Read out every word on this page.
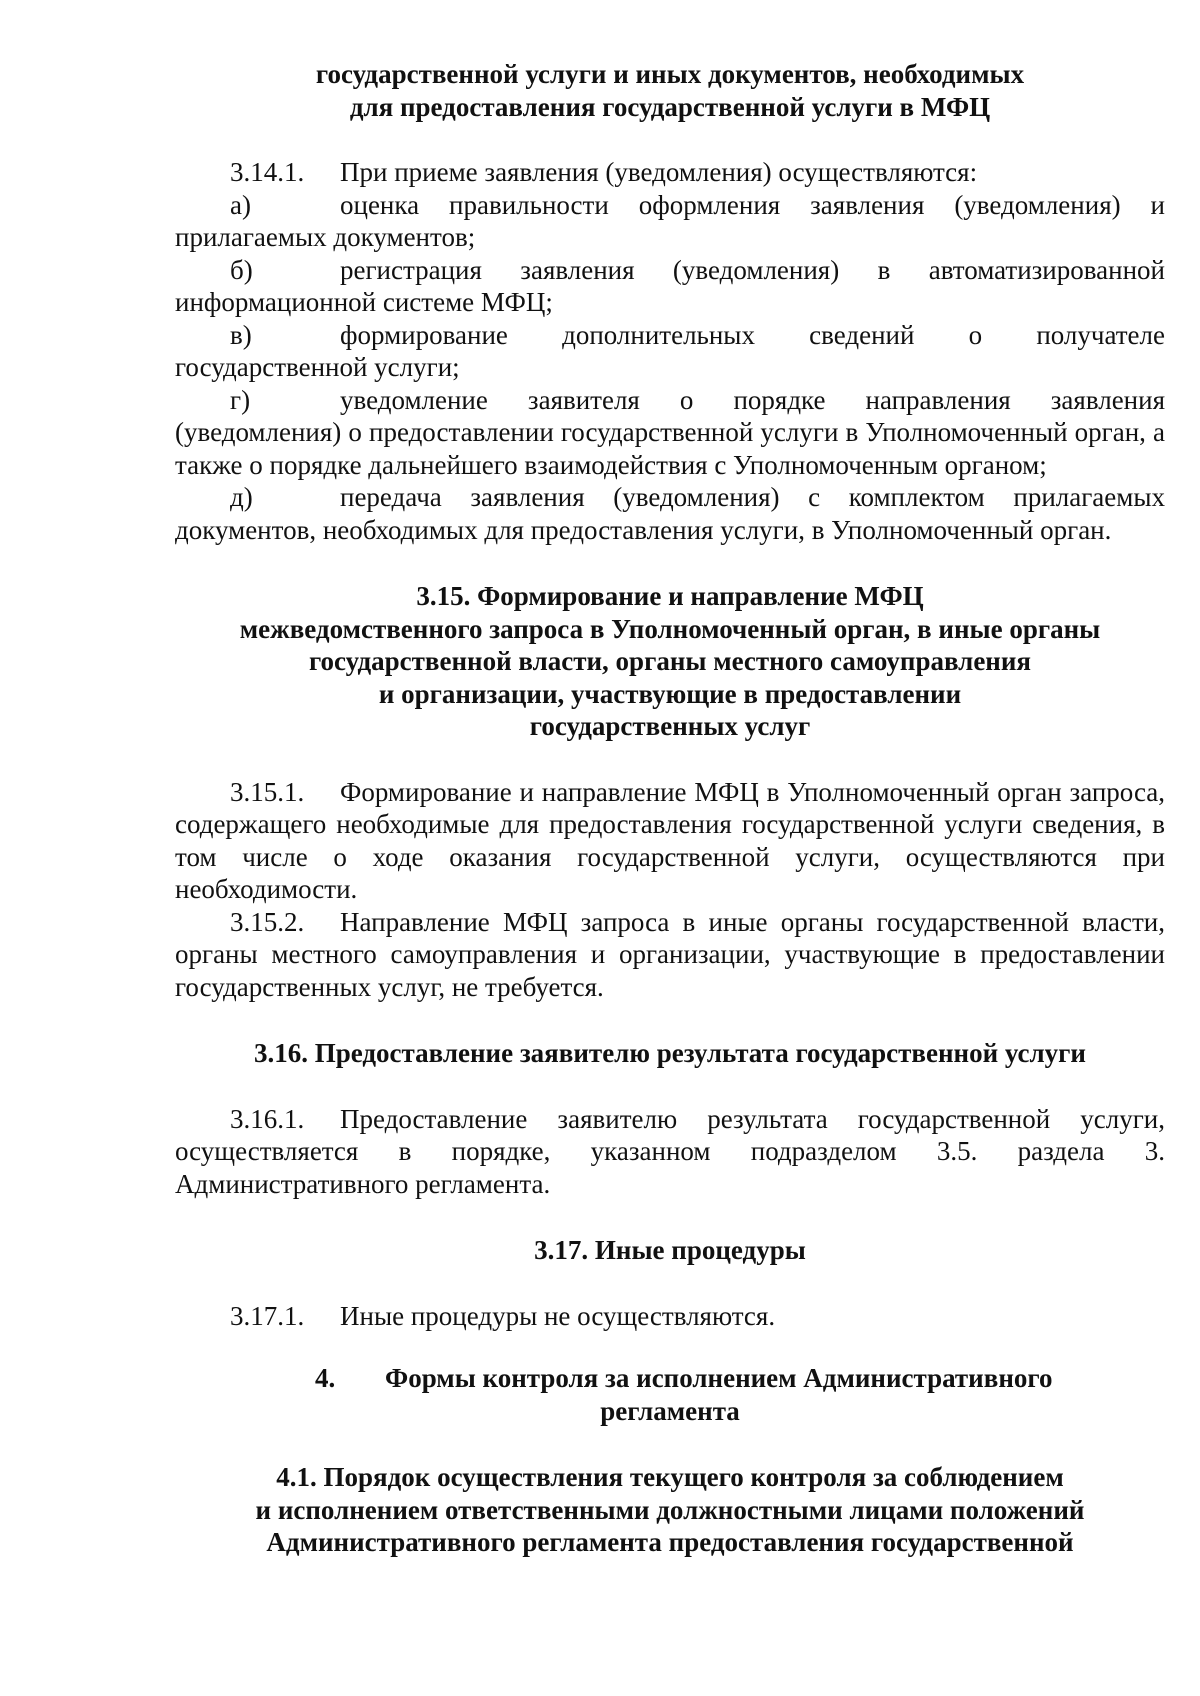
государственной услуги и иных документов, необходимых
для предоставления государственной услуги в МФЦ
3.14.1. При приеме заявления (уведомления) осуществляются:
а)	оценка правильности оформления заявления (уведомления) и
прилагаемых документов;
б)	регистрация заявления (уведомления) в автоматизированной
информационной системе МФЦ;
в)	формирование дополнительных сведений о получателе
государственной услуги;
г)	уведомление заявителя о порядке направления заявления
(уведомления) о предоставлении государственной услуги в Уполномоченный орган, а также о порядке дальнейшего взаимодействия с Уполномоченным органом;
д)	передача заявления (уведомления) с комплектом прилагаемых
документов, необходимых для предоставления услуги, в Уполномоченный орган.
3.15. Формирование и направление МФЦ
межведомственного запроса в Уполномоченный орган, в иные органы
государственной власти, органы местного самоуправления
и организации, участвующие в предоставлении
государственных услуг
3.15.1. Формирование и направление МФЦ в Уполномоченный орган запроса, содержащего необходимые для предоставления государственной услуги сведения, в том числе о ходе оказания государственной услуги, осуществляются при необходимости.
3.15.2. Направление МФЦ запроса в иные органы государственной власти, органы местного самоуправления и организации, участвующие в предоставлении государственных услуг, не требуется.
3.16. Предоставление заявителю результата государственной услуги
3.16.1. Предоставление заявителю результата государственной услуги, осуществляется в порядке, указанном подразделом 3.5. раздела 3. Административного регламента.
3.17. Иные процедуры
3.17.1. Иные процедуры не осуществляются.
4.	Формы контроля за исполнением Административного
регламента
4.1. Порядок осуществления текущего контроля за соблюдением
и исполнением ответственными должностными лицами положений
Административного регламента предоставления государственной
